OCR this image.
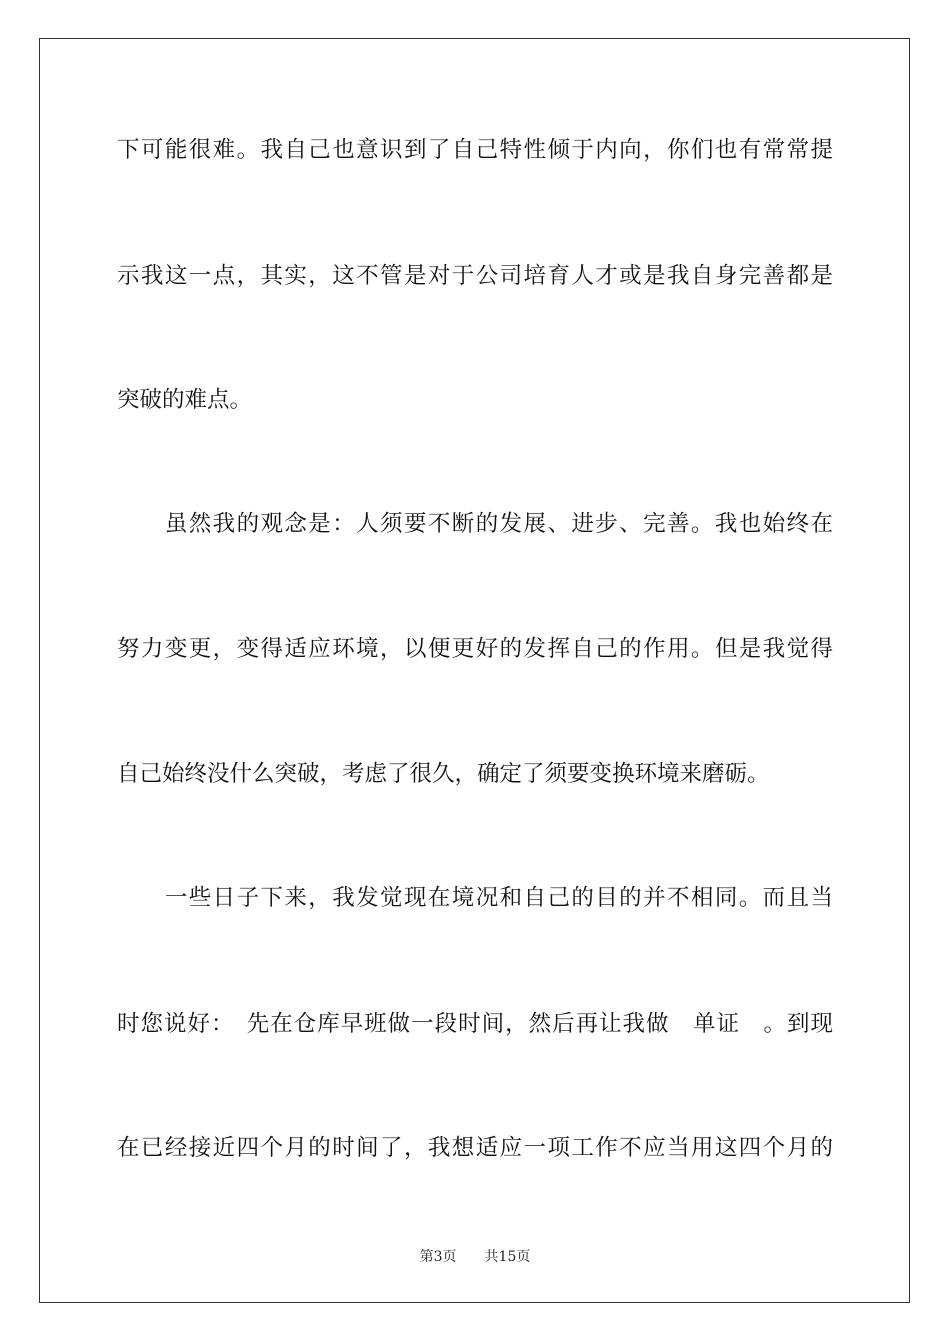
下可能很难。我自己也意识到了自己特性倾于内向，你们也有常常提
示我这一点，其实，这不管是对于公司培育人才或是我自身完善都是
突破的难点。
　　虽然我的观念是：人须要不断的发展、进步、完善。我也始终在
努力变更，变得适应环境，以便更好的发挥自己的作用。但是我觉得
自己始终没什么突破，考虑了很久，确定了须要变换环境来磨砺。
　　一些日子下来，我发觉现在境况和自己的目的并不相同。而且当
时您说好：　先在仓库早班做一段时间，然后再让我做　单证　。到现
在已经接近四个月的时间了，我想适应一项工作不应当用这四个月的
第3页　　共15页
